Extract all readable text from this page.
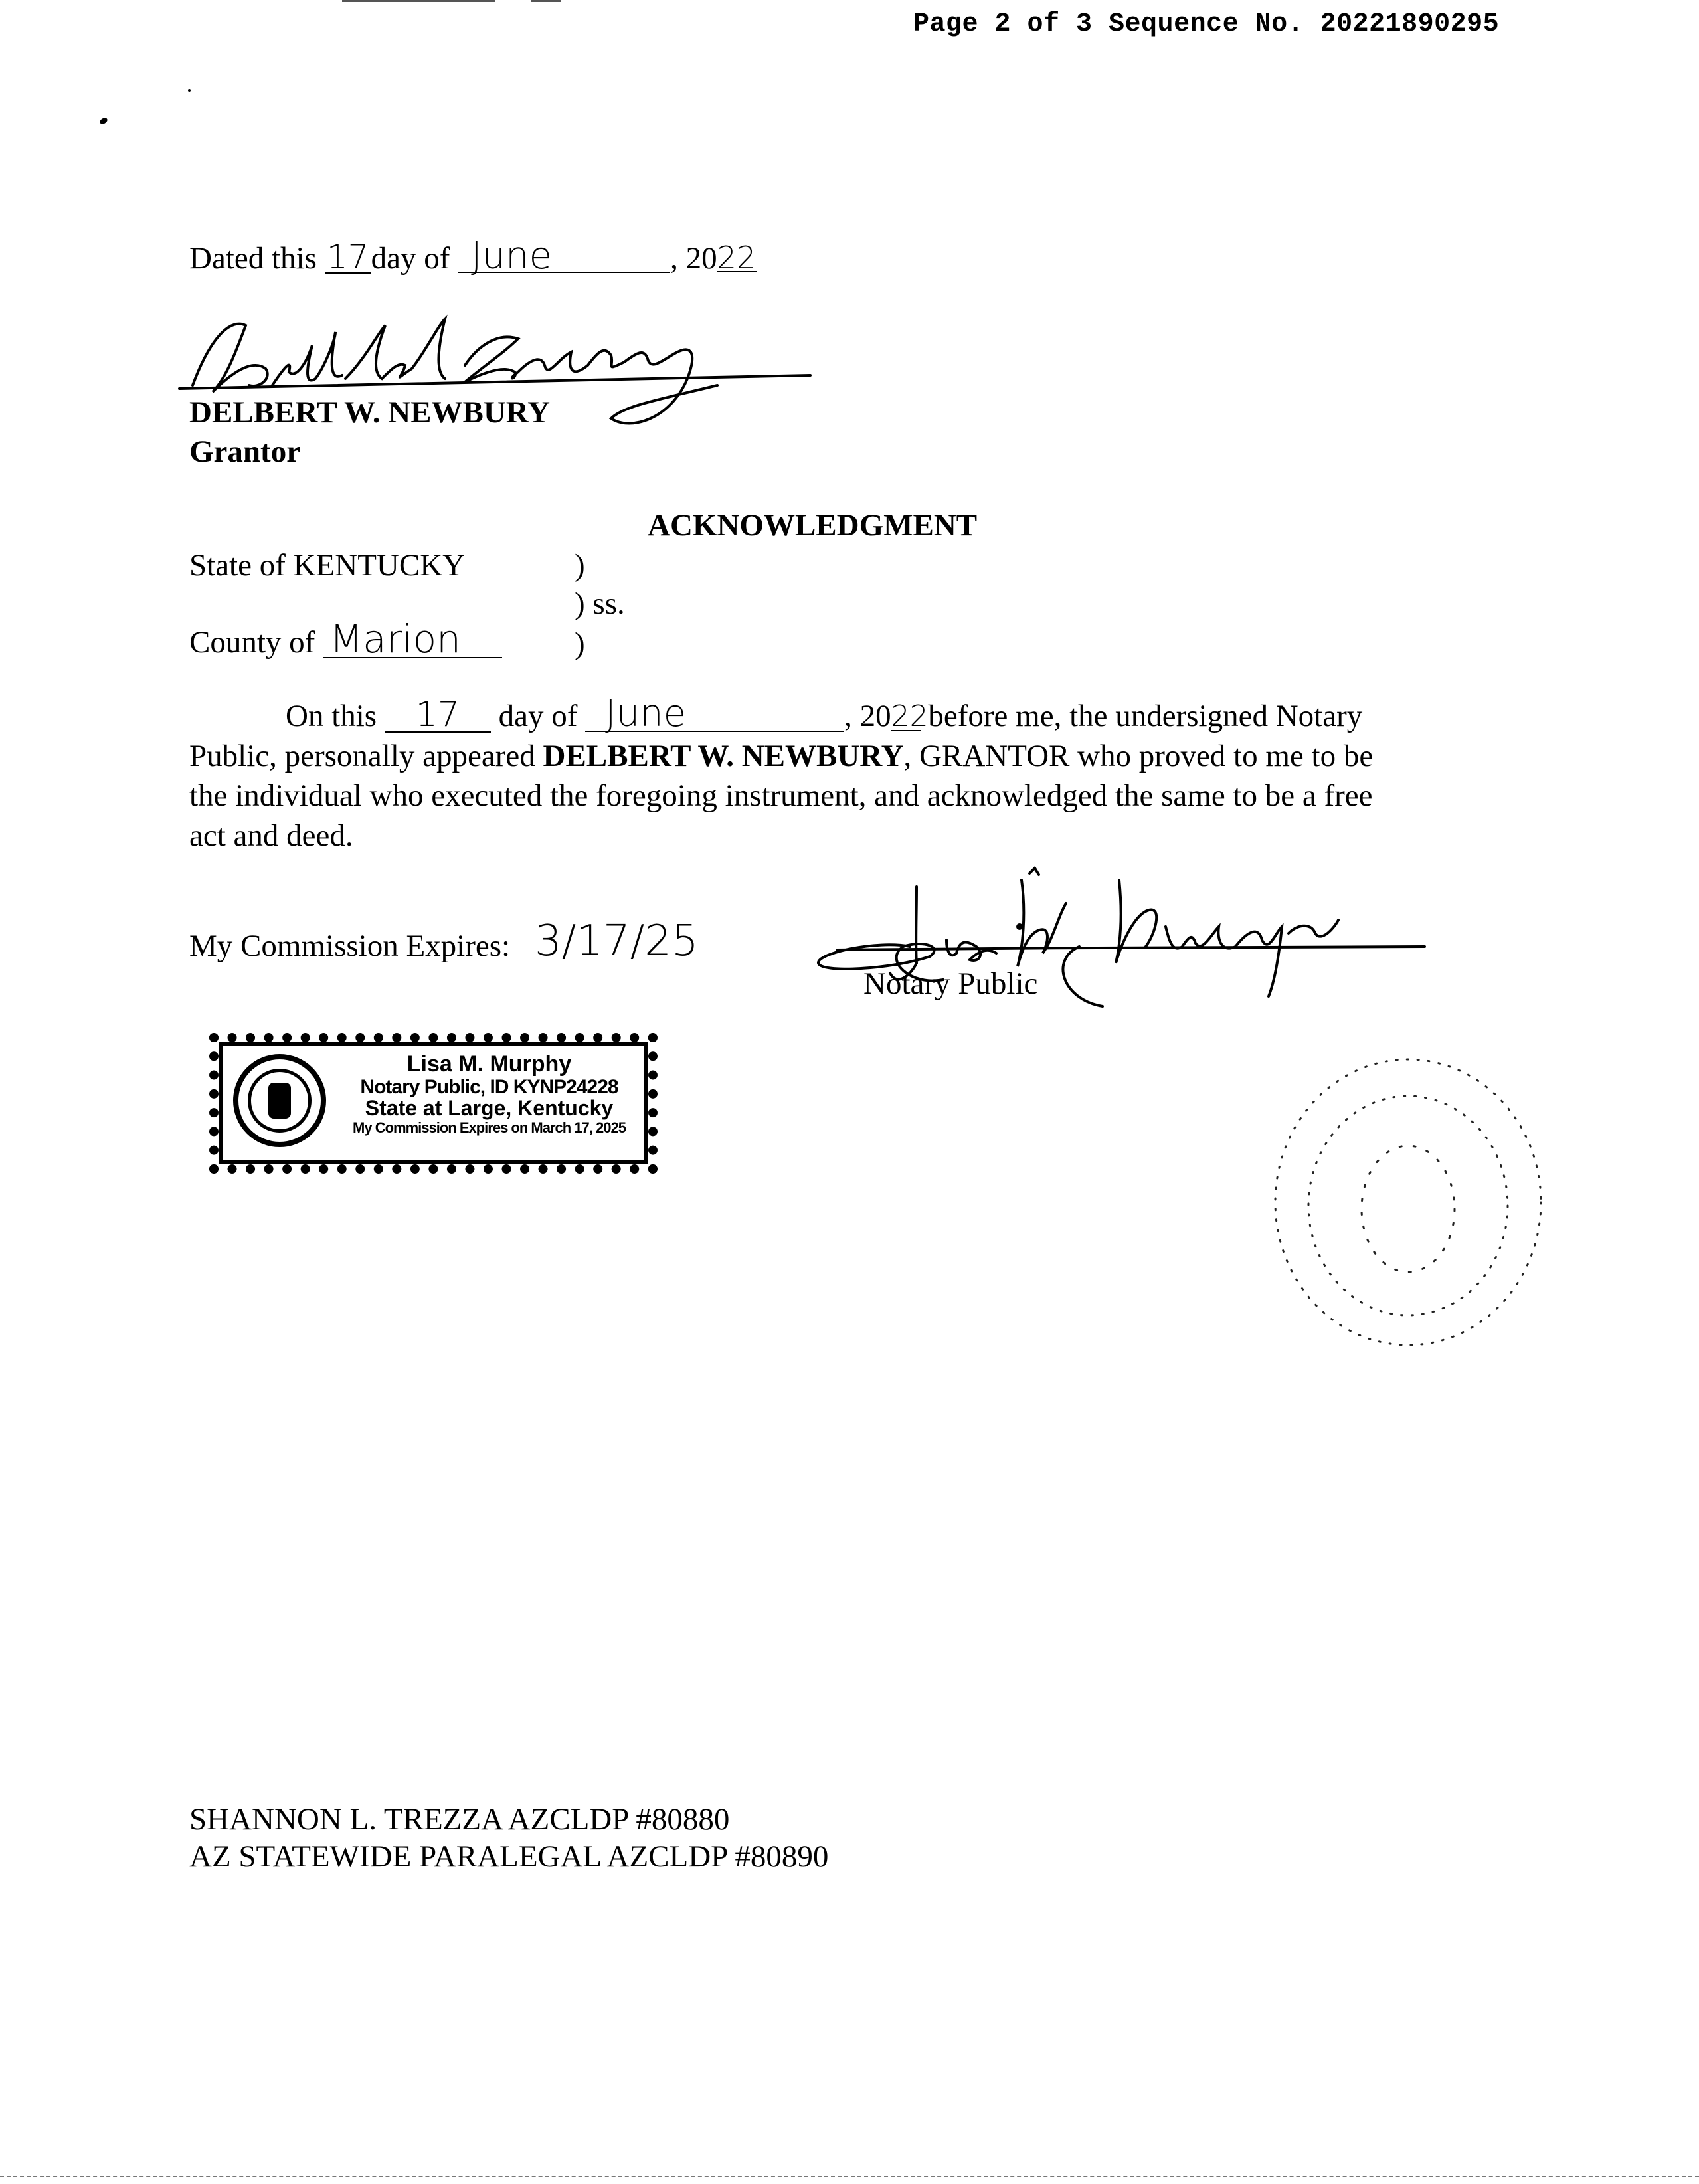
Page 2 of 3 Sequence No. 20221890295
Dated this 17day of June	, 2022
DELBERT W. NEWBURY
Grantor
ACKNOWLEDGMENT
State of KENTUCKY	)
) ss.
County of Marion	)
On this 17 day of June	, 2022 before me, the undersigned Notary
Public, personally appeared DELBERT W. NEWBURY, GRANTOR who proved to me to be
the individual who executed the foregoing instrument, and acknowledged the same to be a free
act and deed.
My Commission Expires: 3/17/25
Notary Public
Lisa M. Murphy
Notary Public, ID KYNP24228
State at Large, Kentucky
My Commission Expires on March 17, 2025
SHANNON L. TREZZA AZCLDP #80880
AZ STATEWIDE PARALEGAL AZCLDP #80890
